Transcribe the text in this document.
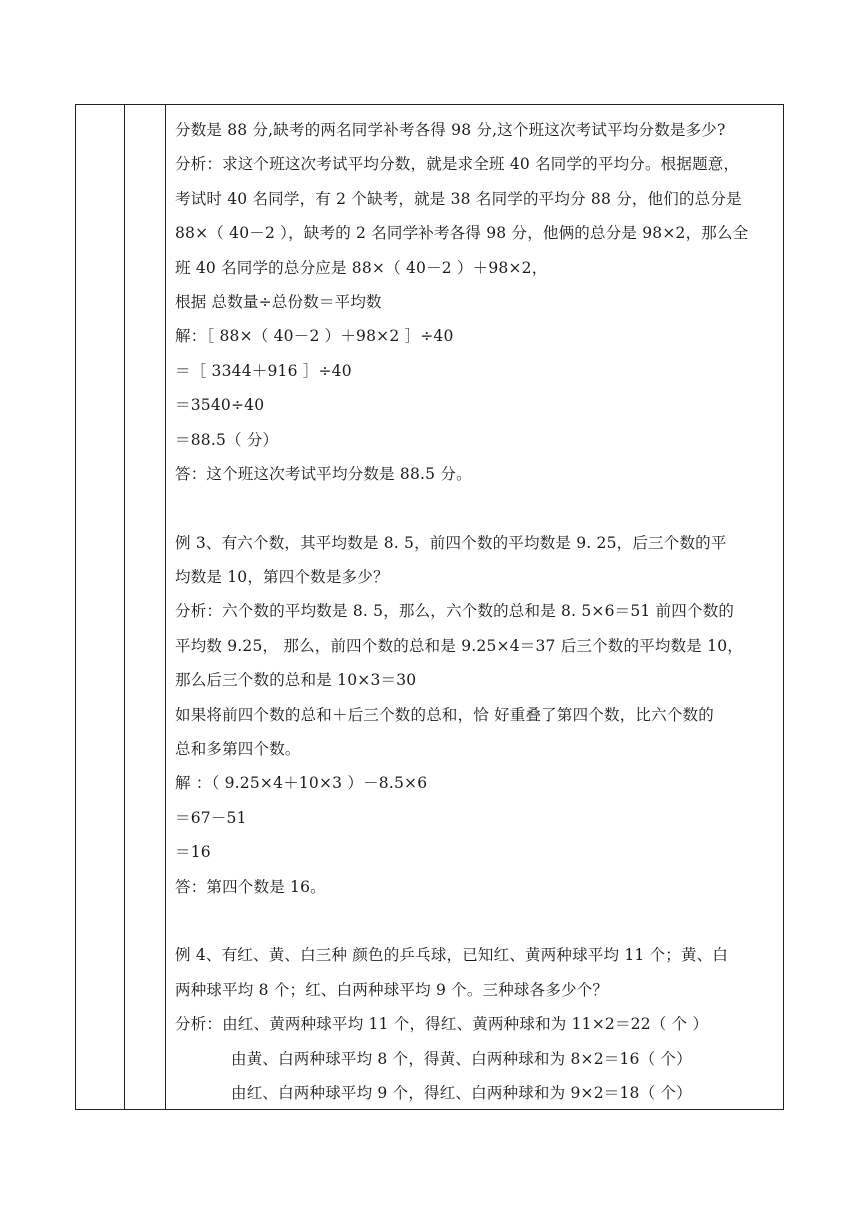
分数是 88 分,缺考的两名同学补考各得 98 分,这个班这次考试平均分数是多少?
分析：求这个班这次考试平均分数，就是求全班 40 名同学的平均分。根据题意，
考试时 40 名同学，有 2 个缺考，就是 38 名同学的平均分 88 分，他们的总分是
88×（ 40－2 ），缺考的 2 名同学补考各得 98 分，他俩的总分是 98×2，那么全
班 40 名同学的总分应是 88×（ 40－2 ）＋98×2，
根据 总数量÷总份数＝平均数
解：［ 88×（ 40－2 ）＋98×2 ］÷40
＝［ 3344＋916 ］÷40
＝3540÷40
＝88.5（ 分）
答：这个班这次考试平均分数是 88.5 分。
例 3、有六个数，其平均数是 8. 5，前四个数的平均数是 9. 25，后三个数的平
均数是 10，第四个数是多少？
分析：六个数的平均数是 8. 5，那么，六个数的总和是 8. 5×6＝51 前四个数的
平均数 9.25， 那么，前四个数的总和是 9.25×4＝37 后三个数的平均数是 10，
那么后三个数的总和是 10×3＝30
如果将前四个数的总和＋后三个数的总和，恰 好重叠了第四个数，比六个数的
总和多第四个数。
解 ：（ 9.25×4＋10×3 ）－8.5×6
＝67－51
＝16
答：第四个数是 16。
例 4、有红、黄、白三种 颜色的乒乓球，已知红、黄两种球平均 11 个；黄、白
两种球平均 8 个；红、白两种球平均 9 个。三种球各多少个？
分析：由红、黄两种球平均 11 个，得红、黄两种球和为 11×2＝22（ 个 ）
由黄、白两种球平均 8 个，得黄、白两种球和为 8×2＝16（ 个）
由红、白两种球平均 9 个，得红、白两种球和为 9×2＝18（ 个）
